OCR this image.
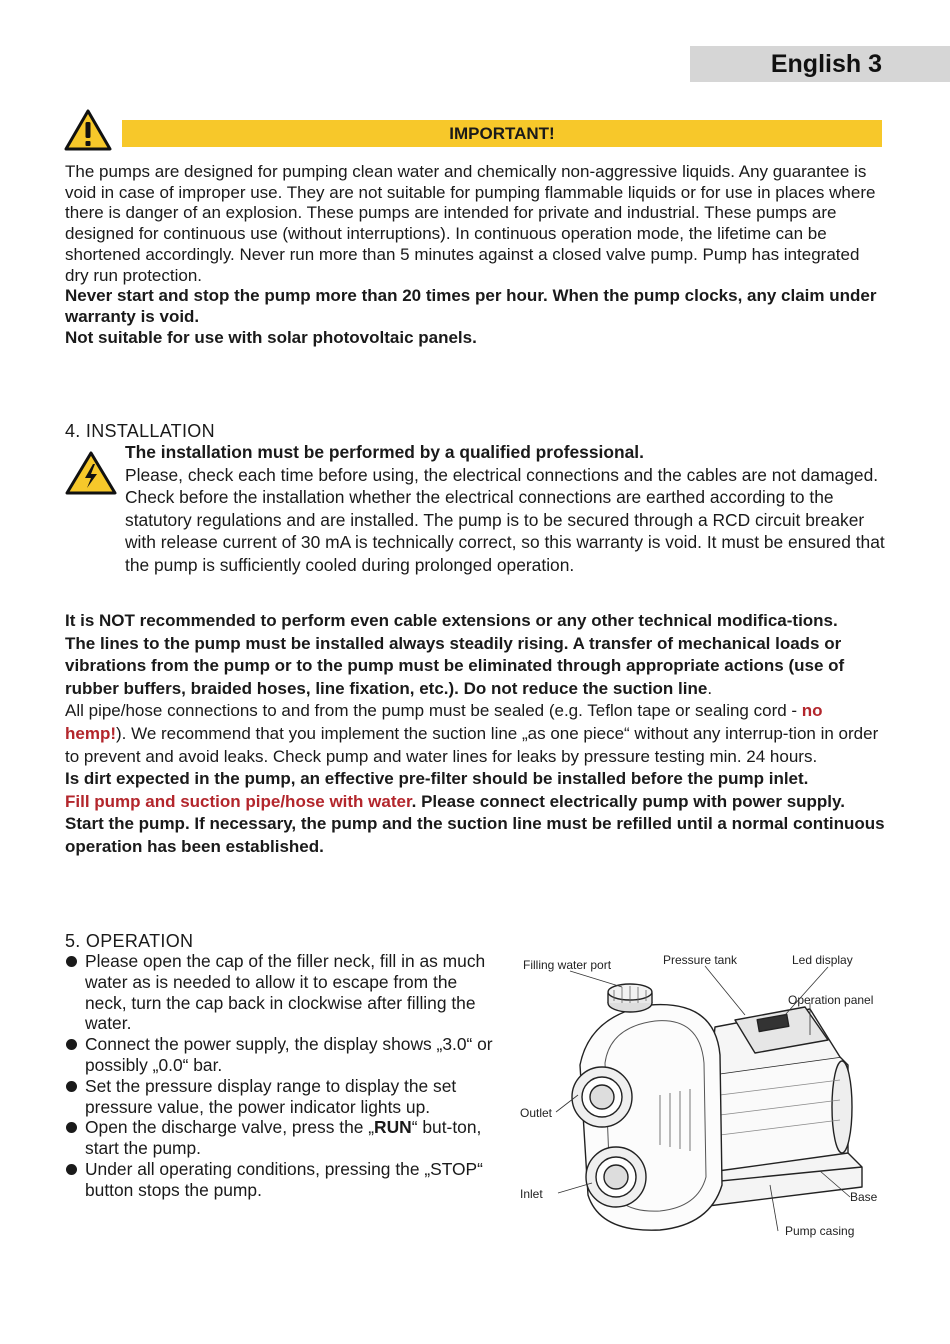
English 3
IMPORTANT!
The pumps are designed for pumping clean water and chemically non-aggressive liquids. Any guarantee is void in case of improper use. They are not suitable for pumping flammable liquids or for use in places where there is danger of an explosion. These pumps are intended for private and industrial. These pumps are designed for continuous use (without interruptions). In continuous operation mode, the lifetime can be shortened accordingly. Never run more than 5 minutes against a closed valve pump. Pump has integrated dry run protection.
Never start and stop the pump more than 20 times per hour. When the pump clocks, any claim under warranty is void.
Not suitable for use with solar photovoltaic panels.
4. INSTALLATION
The installation must be performed by a qualified professional.
Please, check each time before using, the electrical connections and the cables are not damaged. Check before the installation whether the electrical connections are earthed according to the statutory regulations and are installed. The pump is to be secured through a RCD circuit breaker with release current of 30 mA is technically correct, so this warranty is void. It must be ensured that the pump is sufficiently cooled during prolonged operation.
It is NOT recommended to perform even cable extensions or any other technical modifica-tions.
The lines to the pump must be installed always steadily rising. A transfer of mechanical loads or vibrations from the pump or to the pump must be eliminated through appropriate actions (use of rubber buffers, braided hoses, line fixation, etc.). Do not reduce the suction line.
All pipe/hose connections to and from the pump must be sealed (e.g. Teflon tape or sealing cord - no hemp!). We recommend that you implement the suction line „as one piece“ without any interrup-tion in order to prevent and avoid leaks. Check pump and water lines for leaks by pressure testing min. 24 hours.
Is dirt expected in the pump, an effective pre-filter should be installed before the pump inlet.
Fill pump and suction pipe/hose with water. Please connect electrically pump with power supply. Start the pump. If necessary, the pump and the suction line must be refilled until a normal continuous operation has been established.
5. OPERATION
Please open the cap of the filler neck, fill in as much water as is needed to allow it to escape from the neck, turn the cap back in clockwise after filling the water.
Connect the power supply, the display shows „3.0“ or possibly „0.0“ bar.
Set the pressure display range to display the set pressure value, the power indicator lights up.
Open the discharge valve, press the „RUN“ but-ton, start the pump.
Under all operating conditions, pressing the „STOP“ button stops the pump.
Filling water port	Pressure tank	Led display
Operation panel
Outlet
Inlet	Base
Pump casing
